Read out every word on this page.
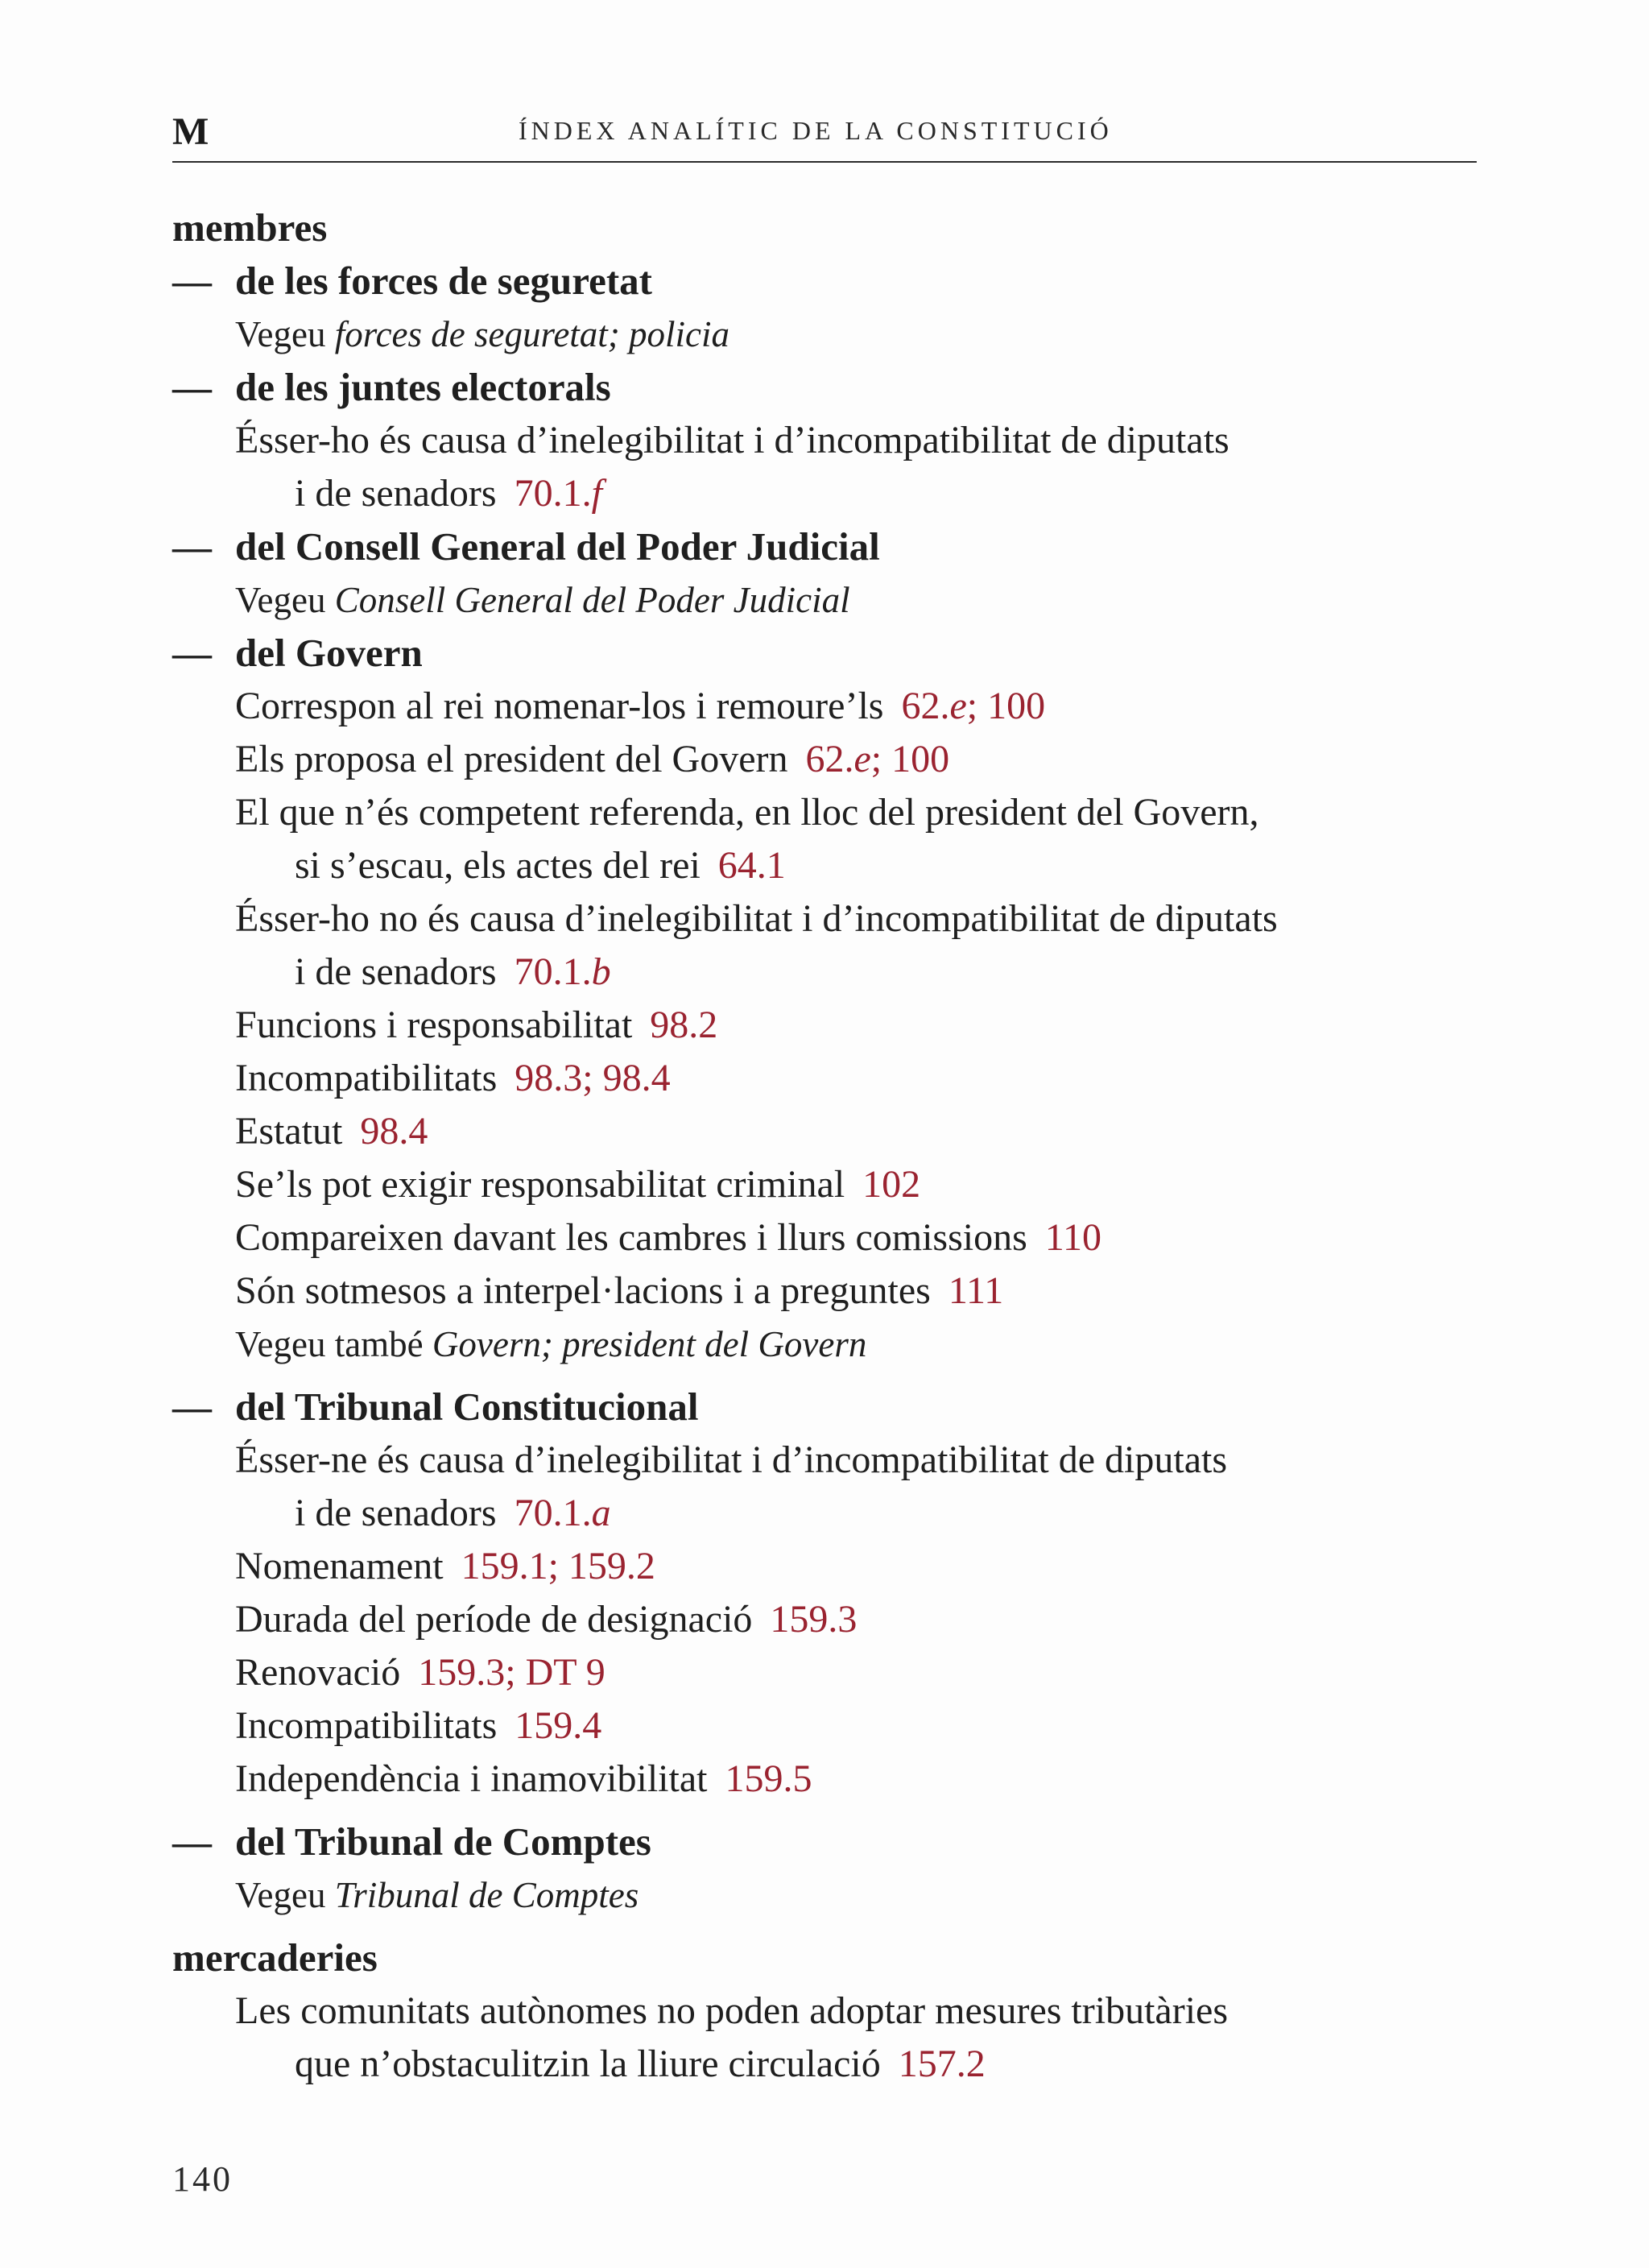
M	ÍNDEX ANALÍTIC DE LA CONSTITUCIÓ
membres
— de les forces de seguretat
Vegeu forces de seguretat; policia
— de les juntes electorals
Ésser-ho és causa d’inelegibilitat i d’incompatibilitat de diputats
i de senadors 70.1.f
— del Consell General del Poder Judicial
Vegeu Consell General del Poder Judicial
— del Govern
Correspon al rei nomenar-los i remoure’ls 62.e; 100
Els proposa el president del Govern 62.e; 100
El que n’és competent referenda, en lloc del president del Govern,
si s’escau, els actes del rei 64.1
Ésser-ho no és causa d’inelegibilitat i d’incompatibilitat de diputats
i de senadors 70.1.b
Funcions i responsabilitat 98.2
Incompatibilitats 98.3; 98.4
Estatut 98.4
Se’ls pot exigir responsabilitat criminal 102
Compareixen davant les cambres i llurs comissions 110
Són sotmesos a interpel·lacions i a preguntes 111
Vegeu també Govern; president del Govern
— del Tribunal Constitucional
Ésser-ne és causa d’inelegibilitat i d’incompatibilitat de diputats
i de senadors 70.1.a
Nomenament 159.1; 159.2
Durada del període de designació 159.3
Renovació 159.3; DT 9
Incompatibilitats 159.4
Independència i inamovibilitat 159.5
— del Tribunal de Comptes
Vegeu Tribunal de Comptes
mercaderies
Les comunitats autònomes no poden adoptar mesures tributàries
que n’obstaculitzin la lliure circulació 157.2
140
